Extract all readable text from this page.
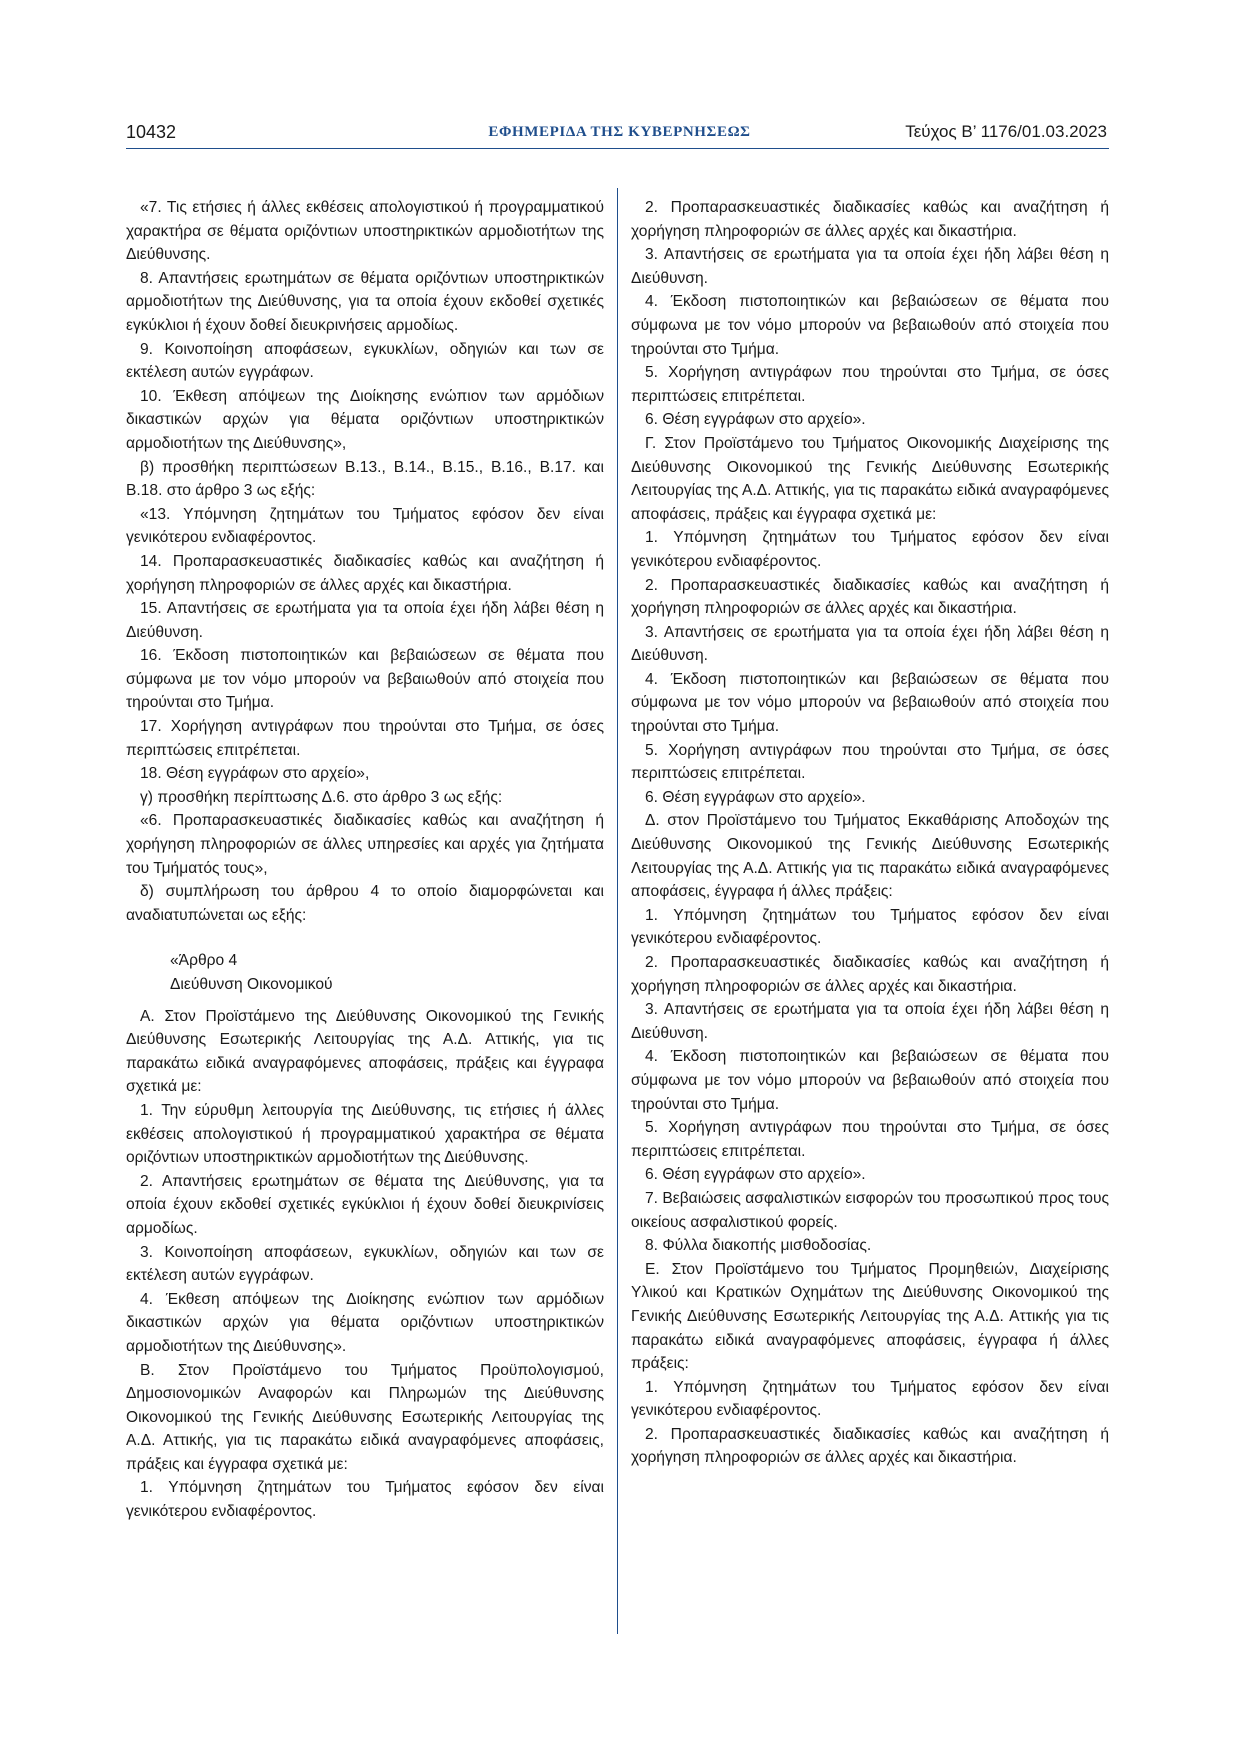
10432	ΕΦΗΜΕΡΙΔΑ ΤΗΣ ΚΥΒΕΡΝΗΣΕΩΣ	Τεύχος Β’ 1176/01.03.2023

«7. Τις ετήσιες ή άλλες εκθέσεις απολογιστικού ή προγραμματικού χαρακτήρα σε θέματα οριζόντιων υποστηρικτικών αρμοδιοτήτων της Διεύθυνσης.

8. Απαντήσεις ερωτημάτων σε θέματα οριζόντιων υποστηρικτικών αρμοδιοτήτων της Διεύθυνσης, για τα οποία έχουν εκδοθεί σχετικές εγκύκλιοι ή έχουν δοθεί διευκρινήσεις αρμοδίως.

9. Κοινοποίηση αποφάσεων, εγκυκλίων, οδηγιών και των σε εκτέλεση αυτών εγγράφων.

10. Έκθεση απόψεων της Διοίκησης ενώπιον των αρμόδιων δικαστικών αρχών για θέματα οριζόντιων υποστηρικτικών αρμοδιοτήτων της Διεύθυνσης»,

β) προσθήκη περιπτώσεων Β.13., Β.14., Β.15., Β.16., Β.17. και Β.18. στο άρθρο 3 ως εξής:

«13. Υπόμνηση ζητημάτων του Τμήματος εφόσον δεν είναι γενικότερου ενδιαφέροντος.

14. Προπαρασκευαστικές διαδικασίες καθώς και αναζήτηση ή χορήγηση πληροφοριών σε άλλες αρχές και δικαστήρια.

15. Απαντήσεις σε ερωτήματα για τα οποία έχει ήδη λάβει θέση η Διεύθυνση.

16. Έκδοση πιστοποιητικών και βεβαιώσεων σε θέματα που σύμφωνα με τον νόμο μπορούν να βεβαιωθούν από στοιχεία που τηρούνται στο Τμήμα.

17. Χορήγηση αντιγράφων που τηρούνται στο Τμήμα, σε όσες περιπτώσεις επιτρέπεται.

18. Θέση εγγράφων στο αρχείο»,

γ) προσθήκη περίπτωσης Δ.6. στο άρθρο 3 ως εξής:

«6. Προπαρασκευαστικές διαδικασίες καθώς και αναζήτηση ή χορήγηση πληροφοριών σε άλλες υπηρεσίες και αρχές για ζητήματα του Τμήματός τους»,

δ) συμπλήρωση του άρθρου 4 το οποίο διαμορφώνεται και αναδιατυπώνεται ως εξής:

«Άρθρο 4

Διεύθυνση Οικονομικού

Α. Στον Προϊστάμενο της Διεύθυνσης Οικονομικού της Γενικής Διεύθυνσης Εσωτερικής Λειτουργίας της Α.Δ. Αττικής, για τις παρακάτω ειδικά αναγραφόμενες αποφάσεις, πράξεις και έγγραφα σχετικά με:

1. Την εύρυθμη λειτουργία της Διεύθυνσης, τις ετήσιες ή άλλες εκθέσεις απολογιστικού ή προγραμματικού χαρακτήρα σε θέματα οριζόντιων υποστηρικτικών αρμοδιοτήτων της Διεύθυνσης.

2. Απαντήσεις ερωτημάτων σε θέματα της Διεύθυνσης, για τα οποία έχουν εκδοθεί σχετικές εγκύκλιοι ή έχουν δοθεί διευκρινίσεις αρμοδίως.

3. Κοινοποίηση αποφάσεων, εγκυκλίων, οδηγιών και των σε εκτέλεση αυτών εγγράφων.

4. Έκθεση απόψεων της Διοίκησης ενώπιον των αρμόδιων δικαστικών αρχών για θέματα οριζόντιων υποστηρικτικών αρμοδιοτήτων της Διεύθυνσης».

Β. Στον Προϊστάμενο του Τμήματος Προϋπολογισμού, Δημοσιονομικών Αναφορών και Πληρωμών της Διεύθυνσης Οικονομικού της Γενικής Διεύθυνσης Εσωτερικής Λειτουργίας της Α.Δ. Αττικής, για τις παρακάτω ειδικά αναγραφόμενες αποφάσεις, πράξεις και έγγραφα σχετικά με:

1. Υπόμνηση ζητημάτων του Τμήματος εφόσον δεν είναι γενικότερου ενδιαφέροντος.

2. Προπαρασκευαστικές διαδικασίες καθώς και αναζήτηση ή χορήγηση πληροφοριών σε άλλες αρχές και δικαστήρια.

3. Απαντήσεις σε ερωτήματα για τα οποία έχει ήδη λάβει θέση η Διεύθυνση.

4. Έκδοση πιστοποιητικών και βεβαιώσεων σε θέματα που σύμφωνα με τον νόμο μπορούν να βεβαιωθούν από στοιχεία που τηρούνται στο Τμήμα.

5. Χορήγηση αντιγράφων που τηρούνται στο Τμήμα, σε όσες περιπτώσεις επιτρέπεται.

6. Θέση εγγράφων στο αρχείο».

Γ. Στον Προϊστάμενο του Τμήματος Οικονομικής Διαχείρισης της Διεύθυνσης Οικονομικού της Γενικής Διεύθυνσης Εσωτερικής Λειτουργίας της Α.Δ. Αττικής, για τις παρακάτω ειδικά αναγραφόμενες αποφάσεις, πράξεις και έγγραφα σχετικά με:

1. Υπόμνηση ζητημάτων του Τμήματος εφόσον δεν είναι γενικότερου ενδιαφέροντος.

2. Προπαρασκευαστικές διαδικασίες καθώς και αναζήτηση ή χορήγηση πληροφοριών σε άλλες αρχές και δικαστήρια.

3. Απαντήσεις σε ερωτήματα για τα οποία έχει ήδη λάβει θέση η Διεύθυνση.

4. Έκδοση πιστοποιητικών και βεβαιώσεων σε θέματα που σύμφωνα με τον νόμο μπορούν να βεβαιωθούν από στοιχεία που τηρούνται στο Τμήμα.

5. Χορήγηση αντιγράφων που τηρούνται στο Τμήμα, σε όσες περιπτώσεις επιτρέπεται.

6. Θέση εγγράφων στο αρχείο».

Δ. στον Προϊστάμενο του Τμήματος Εκκαθάρισης Αποδοχών της Διεύθυνσης Οικονομικού της Γενικής Διεύθυνσης Εσωτερικής Λειτουργίας της Α.Δ. Αττικής για τις παρακάτω ειδικά αναγραφόμενες αποφάσεις, έγγραφα ή άλλες πράξεις:

1. Υπόμνηση ζητημάτων του Τμήματος εφόσον δεν είναι γενικότερου ενδιαφέροντος.

2. Προπαρασκευαστικές διαδικασίες καθώς και αναζήτηση ή χορήγηση πληροφοριών σε άλλες αρχές και δικαστήρια.

3. Απαντήσεις σε ερωτήματα για τα οποία έχει ήδη λάβει θέση η Διεύθυνση.

4. Έκδοση πιστοποιητικών και βεβαιώσεων σε θέματα που σύμφωνα με τον νόμο μπορούν να βεβαιωθούν από στοιχεία που τηρούνται στο Τμήμα.

5. Χορήγηση αντιγράφων που τηρούνται στο Τμήμα, σε όσες περιπτώσεις επιτρέπεται.

6. Θέση εγγράφων στο αρχείο».

7. Βεβαιώσεις ασφαλιστικών εισφορών του προσωπικού προς τους οικείους ασφαλιστικού φορείς.

8. Φύλλα διακοπής μισθοδοσίας.

Ε. Στον Προϊστάμενο του Τμήματος Προμηθειών, Διαχείρισης Υλικού και Κρατικών Οχημάτων της Διεύθυνσης Οικονομικού της Γενικής Διεύθυνσης Εσωτερικής Λειτουργίας της Α.Δ. Αττικής για τις παρακάτω ειδικά αναγραφόμενες αποφάσεις, έγγραφα ή άλλες πράξεις:

1. Υπόμνηση ζητημάτων του Τμήματος εφόσον δεν είναι γενικότερου ενδιαφέροντος.

2. Προπαρασκευαστικές διαδικασίες καθώς και αναζήτηση ή χορήγηση πληροφοριών σε άλλες αρχές και δικαστήρια.
